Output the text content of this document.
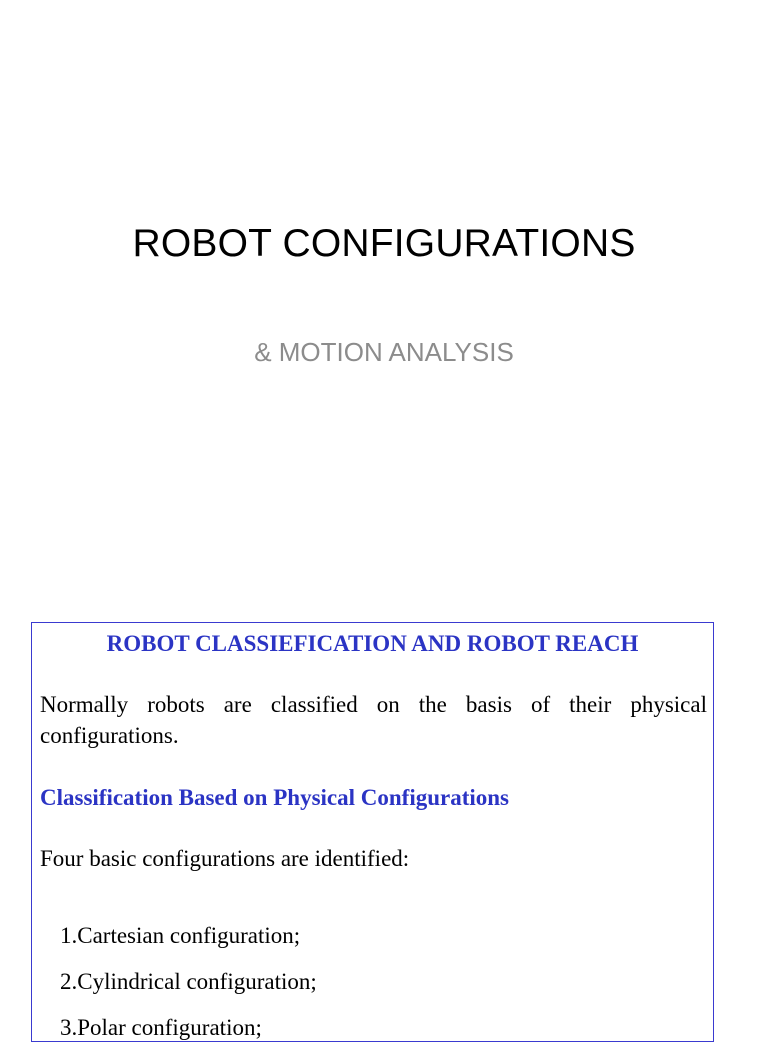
ROBOT CONFIGURATIONS
& MOTION ANALYSIS
ROBOT CLASSIEFICATION AND ROBOT REACH
Normally robots are classified on the basis of their physical configurations.
Classification Based on Physical Configurations
Four basic configurations are identified:
1.Cartesian configuration;
2.Cylindrical configuration;
3.Polar configuration;
